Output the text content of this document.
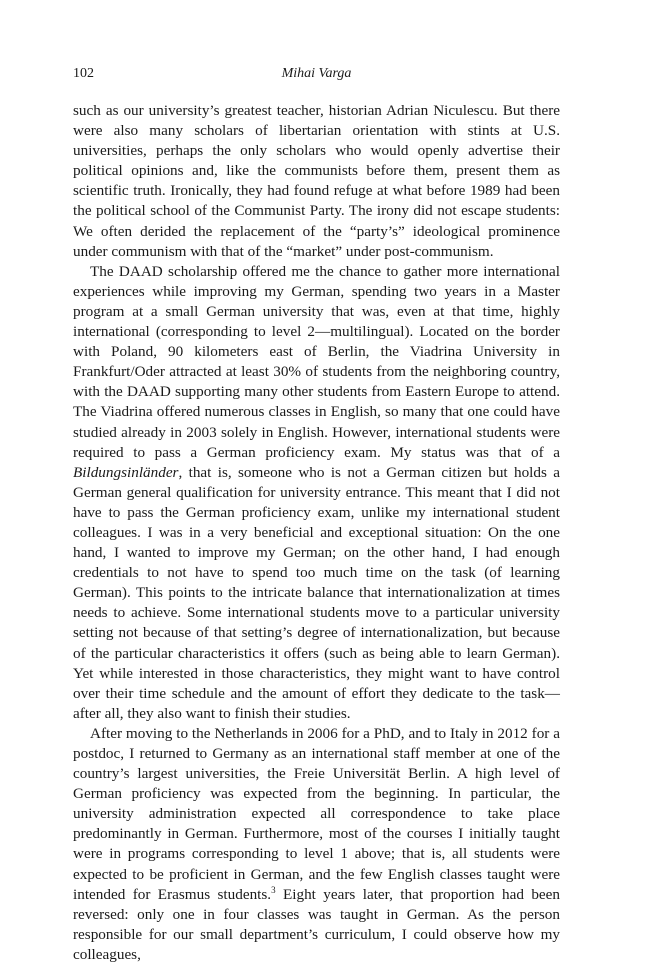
102	Mihai Varga

such as our university’s greatest teacher, historian Adrian Niculescu. But there were also many scholars of libertarian orientation with stints at U.S. universities, perhaps the only scholars who would openly advertise their political opinions and, like the communists before them, present them as scientific truth. Ironically, they had found refuge at what before 1989 had been the political school of the Communist Party. The irony did not escape students: We often derided the replacement of the “party’s” ideological prominence under communism with that of the “market” under post-communism.

The DAAD scholarship offered me the chance to gather more international experiences while improving my German, spending two years in a Master program at a small German university that was, even at that time, highly international (corresponding to level 2—multilingual). Located on the border with Poland, 90 kilometers east of Berlin, the Viadrina University in Frankfurt/Oder attracted at least 30% of students from the neighboring country, with the DAAD supporting many other students from Eastern Europe to attend. The Viadrina offered numerous classes in English, so many that one could have studied already in 2003 solely in English. However, international students were required to pass a German proficiency exam. My status was that of a Bildungsinländer, that is, someone who is not a German citizen but holds a German general qualification for university entrance. This meant that I did not have to pass the German proficiency exam, unlike my international student colleagues. I was in a very beneficial and exceptional situation: On the one hand, I wanted to improve my German; on the other hand, I had enough credentials to not have to spend too much time on the task (of learning German). This points to the intricate balance that internationalization at times needs to achieve. Some international students move to a particular university setting not because of that setting’s degree of internationalization, but because of the particular characteristics it offers (such as being able to learn German). Yet while interested in those characteristics, they might want to have control over their time schedule and the amount of effort they dedicate to the task—after all, they also want to finish their studies.

After moving to the Netherlands in 2006 for a PhD, and to Italy in 2012 for a postdoc, I returned to Germany as an international staff member at one of the country’s largest universities, the Freie Universität Berlin. A high level of German proficiency was expected from the beginning. In particular, the university administration expected all correspondence to take place predominantly in German. Furthermore, most of the courses I initially taught were in programs corresponding to level 1 above; that is, all students were expected to be proficient in German, and the few English classes taught were intended for Erasmus students.$^3$ Eight years later, that proportion had been reversed: only one in four classes was taught in German. As the person responsible for our small department’s curriculum, I could observe how my colleagues,
